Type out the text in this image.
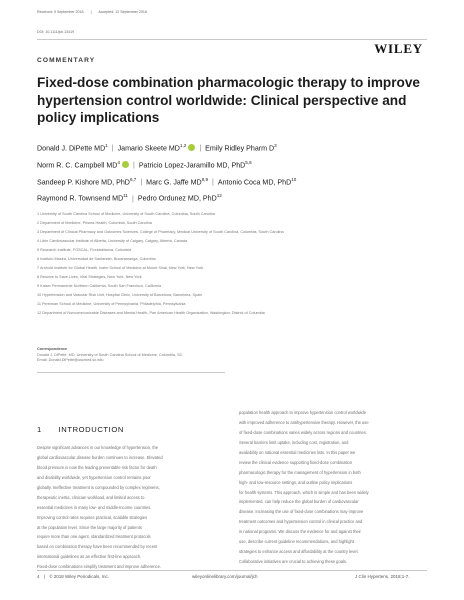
Received: 9 September 2018 | Accepted: 12 September 2018
DOI: 10.1111/jch.13419
COMMENTARY
WILEY
Fixed-dose combination pharmacologic therapy to improve hypertension control worldwide: Clinical perspective and policy implications
Donald J. DiPette $MD^1$ | Jamario Skeete MD$^{1,2}$ | Emily Ridley Pharm $D^3$
Norm R. C. Campbell $MD^4$ | Patricio Lopez-Jaramillo MD, PhD$^{5,6}$
Sandeep P. Kishore MD, PhD$^{6,7}$ | Marc G. Jaffe MD$^{8,9}$ | Antonio Coca MD, PhD$^{10}$
Raymond R. Townsend MD$^{11}$ | Pedro Ordunez MD, PhD$^{12}$
1 University of South Carolina School of Medicine, University of South Carolina, Columbia, South Carolina
2 Department of Medicine, Prisma Health, Columbia, South Carolina
3 Department of Clinical Pharmacy and Outcomes Sciences, College of Pharmacy, Medical University of South Carolina, Columbia, South Carolina
4 Libin Cardiovascular Institute of Alberta, University of Calgary, Calgary, Alberta, Canada
5 Research Institute, FOSCAL, Floridablanca, Colombia
6 Instituto Masira, Universidad de Santander, Bucaramanga, Colombia
7 Arnhold Institute for Global Health, Icahn School of Medicine at Mount Sinai, New York, New York
8 Resolve to Save Lives, Vital Strategies, New York, New York
9 Kaiser Permanente Northern California, South San Francisco, California
10 Hypertension and Vascular Risk Unit, Hospital Clinic, University of Barcelona, Barcelona, Spain
11 Perelman School of Medicine, University of Pennsylvania, Philadelphia, Pennsylvania
12 Department of Noncommunicable Diseases and Mental Health, Pan American Health Organization, Washington, District of Columbia
Correspondence
Donald J. DiPette, MD, University of South Carolina School of Medicine, Columbia, SC.
Email: Donald.DiPette@uscmed.sc.edu
1 INTRODUCTION
Despite significant advances in our knowledge of hypertension, the
global cardiovascular disease burden continues to increase. Elevated
blood pressure is now the leading preventable risk factor for death
and disability worldwide, yet hypertension control remains poor
globally. Ineffective treatment is compounded by complex regimens,
therapeutic inertia, clinician workload, and limited access to
essential medicines in many low- and middle-income countries.
Improving control rates requires practical, scalable strategies
at the population level. Since the large majority of patients
require more than one agent, standardized treatment protocols
based on combination therapy have been recommended by recent
international guidelines as an effective first-line approach.
Fixed-dose combinations simplify treatment and improve adherence.
population health approach to improve hypertension control worldwide
with improved adherence to antihypertensive therapy. However, the use
of fixed-dose combinations varies widely across regions and countries.
Several barriers limit uptake, including cost, registration, and
availability on national essential medicines lists. In this paper we
review the clinical evidence supporting fixed-dose combination
pharmacologic therapy for the management of hypertension in both
high- and low-resource settings, and outline policy implications
for health systems. This approach, which is simple and has been widely
implemented, can help reduce the global burden of cardiovascular
disease. Increasing the use of fixed-dose combinations may improve
treatment outcomes and hypertension control in clinical practice and
in national programs. We discuss the evidence for and against their
use, describe current guideline recommendations, and highlight
strategies to enhance access and affordability at the country level.
Collaborative initiatives are crucial to achieving these goals.
4 | © 2018 Wiley Periodicals, Inc.	wileyonlinelibrary.com/journal/jch	J Clin Hypertens. 2018;1-7.
